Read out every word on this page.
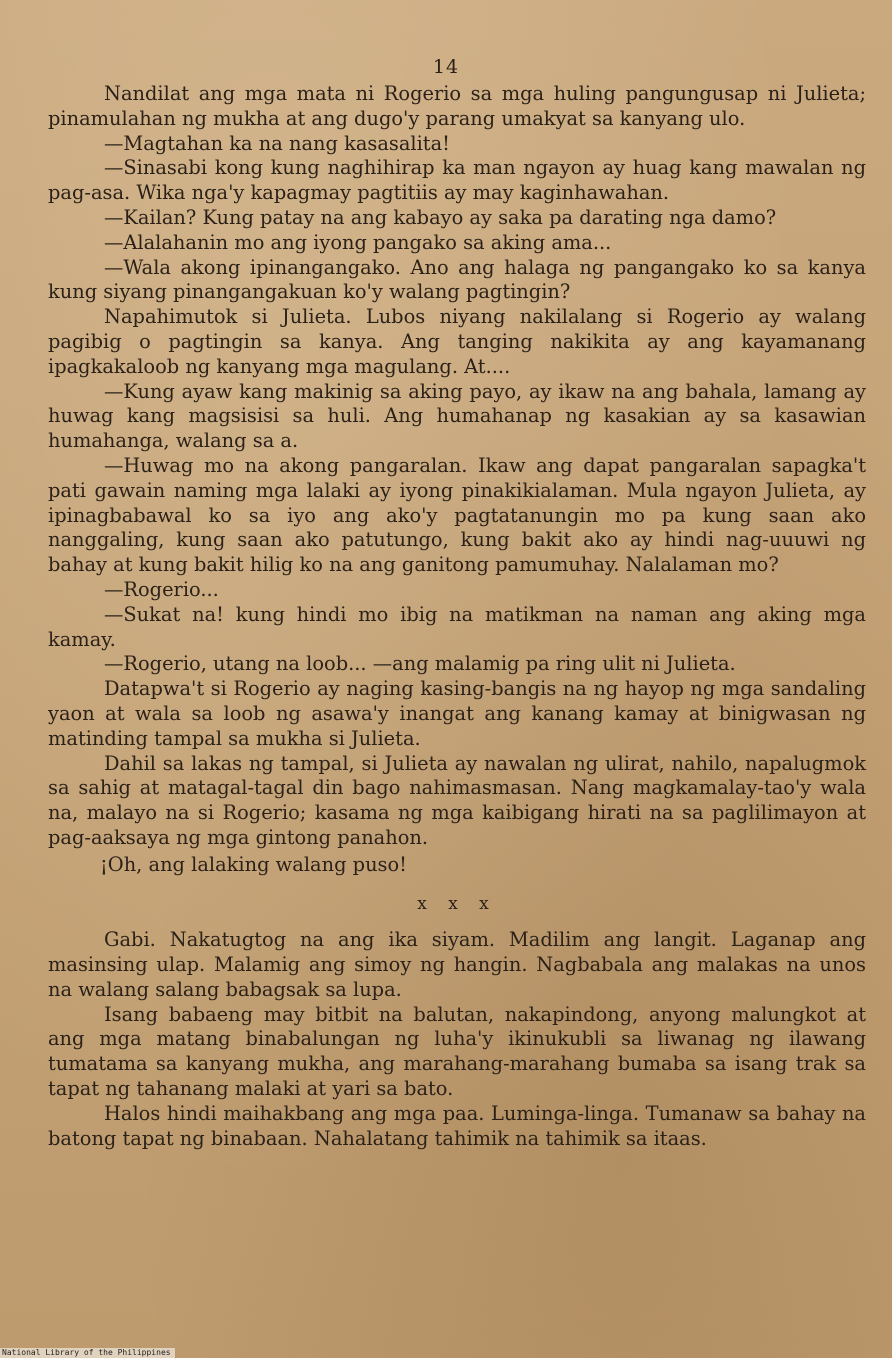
14

Nandilat ang mga mata ni Rogerio sa mga huling pangungusap ni Julieta; pinamulahan ng mukha at ang dugo'y parang umakyat sa kanyang ulo.

—Magtahan ka na nang kasasalita!

—Sinasabi kong kung naghihirap ka man ngayon ay huag kang mawalan ng pag-asa. Wika nga'y kapagmay pagtitiis ay may kaginhawahan.

—Kailan? Kung patay na ang kabayo ay saka pa darating nga damo?

—Alalahanin mo ang iyong pangako sa aking ama...

—Wala akong ipinangangako. Ano ang halaga ng pangangako ko sa kanya kung siyang pinangangakuan ko'y walang pagtingin?

Napahimutok si Julieta. Lubos niyang nakilalang si Rogerio ay walang pagibig o pagtingin sa kanya. Ang tanging nakikita ay ang kayamanang ipagkakaloob ng kanyang mga magulang. At....

—Kung ayaw kang makinig sa aking payo, ay ikaw na ang bahala, lamang ay huwag kang magsisisi sa huli. Ang humahanap ng kasakian ay sa kasawian humahanga, walang sa a.

—Huwag mo na akong pangaralan. Ikaw ang dapat pangaralan sapagka't pati gawain naming mga lalaki ay iyong pinakikialaman. Mula ngayon Julieta, ay ipinagbabawal ko sa iyo ang ako'y pagtatanungin mo pa kung saan ako nanggaling, kung saan ako patutungo, kung bakit ako ay hindi nag-uuuwi ng bahay at kung bakit hilig ko na ang ganitong pamumuhay. Nalalaman mo?

—Rogerio...

—Sukat na! kung hindi mo ibig na matikman na naman ang aking mga kamay.

—Rogerio, utang na loob... —ang malamig pa ring ulit ni Julieta.

Datapwa't si Rogerio ay naging kasing-bangis na ng hayop ng mga sandaling yaon at wala sa loob ng asawa'y inangat ang kanang kamay at binigwasan ng matinding tampal sa mukha si Julieta.

Dahil sa lakas ng tampal, si Julieta ay nawalan ng ulirat, nahilo, napalugmok sa sahig at matagal-tagal din bago nahimasmasan. Nang magkamalay-tao'y wala na, malayo na si Rogerio; kasama ng mga kaibigang hirati na sa paglilimayon at pag-aaksaya ng mga gintong panahon.

¡Oh, ang lalaking walang puso!

x x x

Gabi. Nakatugtog na ang ika siyam. Madilim ang langit. Laganap ang masinsing ulap. Malamig ang simoy ng hangin. Nagbabala ang malakas na unos na walang salang babagsak sa lupa.

Isang babaeng may bitbit na balutan, nakapindong, anyong malungkot at ang mga matang binabalungan ng luha'y ikinukubli sa liwanag ng ilawang tumatama sa kanyang mukha, ang marahang-marahang bumaba sa isang trak sa tapat ng tahanang malaki at yari sa bato.

Halos hindi maihakbang ang mga paa. Luminga-linga. Tumanaw sa bahay na batong tapat ng binabaan. Nahalatang tahimik na tahimik sa itaas.

National Library of the Philippines
